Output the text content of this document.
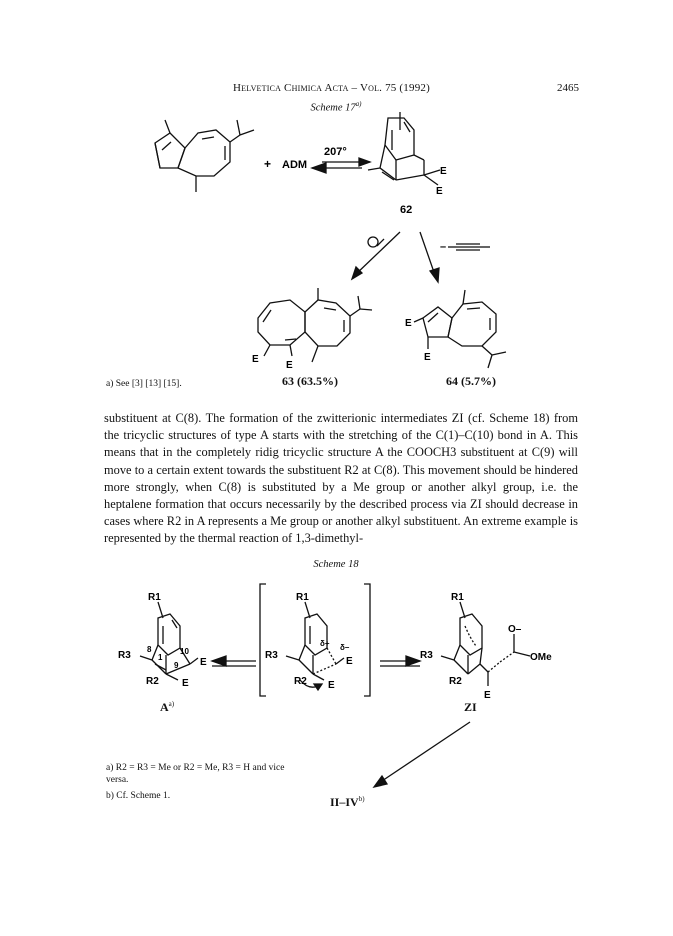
Helvetica Chimica Acta – Vol. 75 (1992)	2465
Scheme $17^{a)}$
+ ADM
207°
E
E
62
–
E
E
E
E
a) See [3] [13] [15].	63 (63.5%)	64 (5.7%)

substituent at C(8). The formation of the zwitterionic intermediates ZI (cf. Scheme 18) from the tricyclic structures of type A starts with the stretching of the C(1)–C(10) bond in A. This means that in the completely ridig tricyclic structure A the COOCH3 substituent at C(9) will move to a certain extent towards the substituent R2 at C(8). This movement should be hindered more strongly, when C(8) is substituted by a Me group or another alkyl group, i.e. the heptalene formation that occurs necessarily by the described process via ZI should decrease in cases where R2 in A represents a Me group or another alkyl substituent. An extreme example is represented by the thermal reaction of 1,3-dimethyl-

Scheme 18
R1
R3
R2
E
E
1
8
9
10
R1
R3
R2
E
E
δ+ δ–
R1
R3
R2
E
O–
OMe
$A^{a)}$	ZI
II–IV$^{b)}$
a) R2 = R3 = Me or R2 = Me, R3 = H and vice versa.
b) Cf. Scheme 1.
